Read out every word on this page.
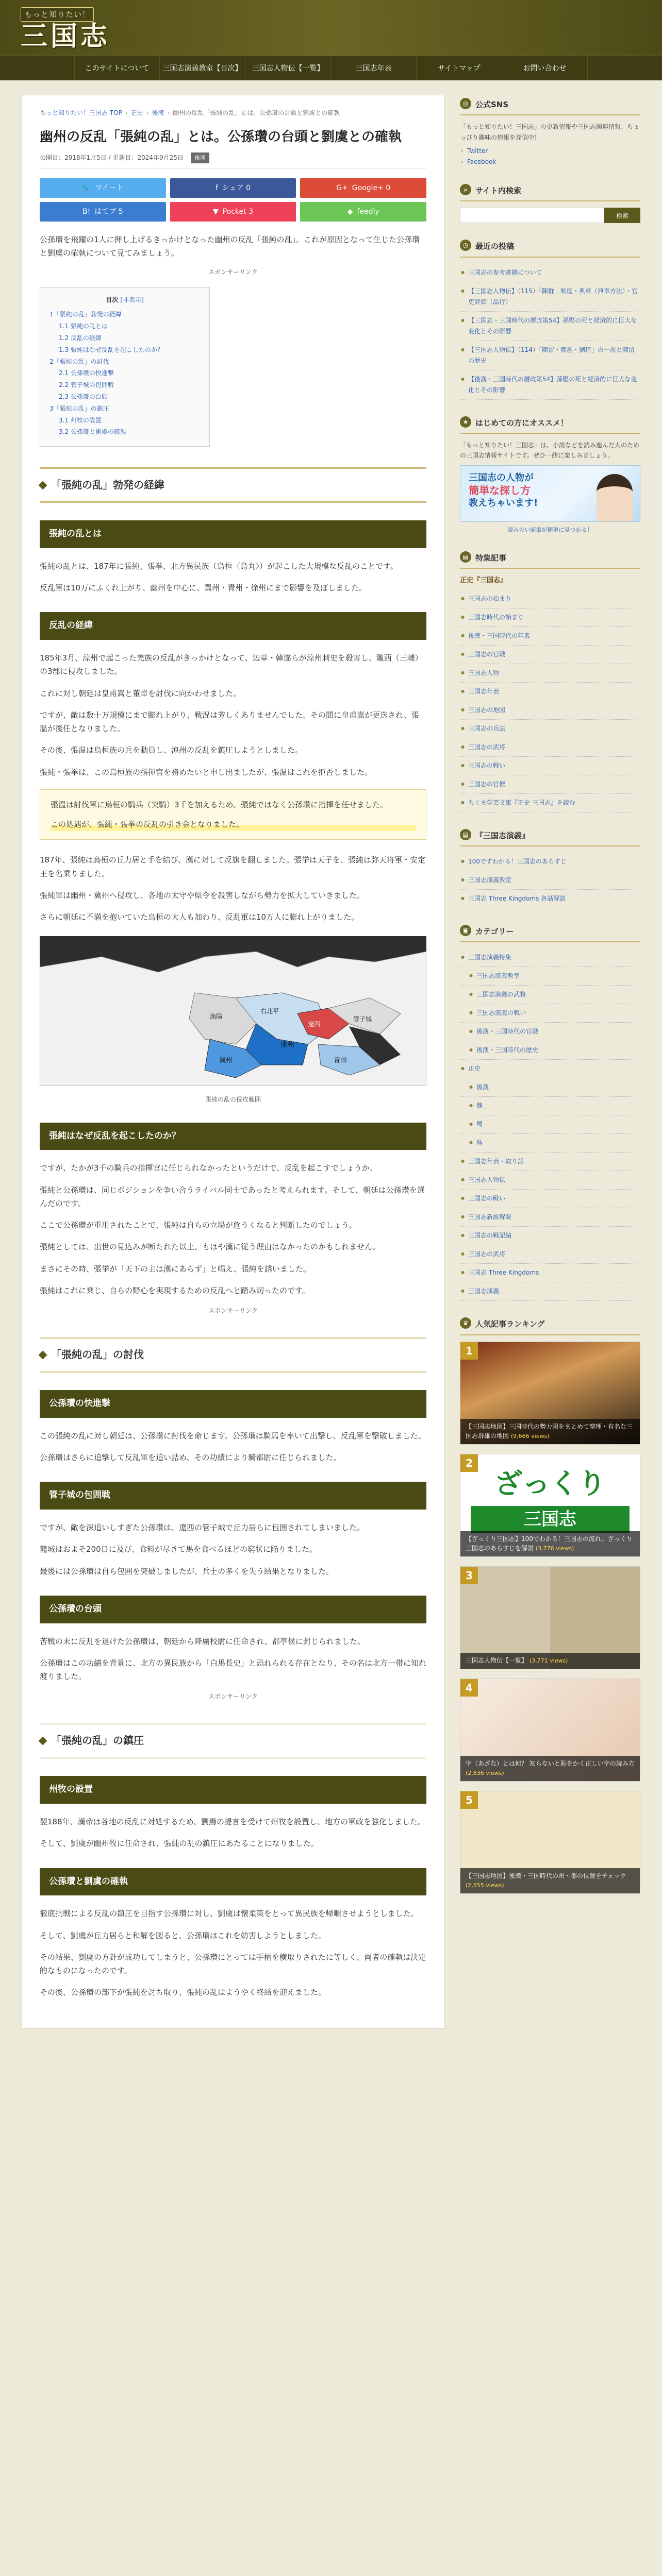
もっと知りたい！
三国志
このサイトについて	三国志演義教室【目次】	三国志人物伝【一覧】	三国志年表	サイトマップ	お問い合わせ
もっと知りたい！三国志 TOP › 正史 › 後漢 › 幽州の反乱「張純の乱」とは。公孫瓚の台頭と劉虞との確執
幽州の反乱「張純の乱」とは。公孫瓚の台頭と劉虞との確執
公開日：2018年1月5日 / 更新日：2024年9月25日	後漢
🐦 ツイート	f シェア 0	G+ Google+ 0
B! はてブ 5	▼ Pocket 3	◆ feedly

公孫瓚を飛躍の1人に押し上げるきっかけとなった幽州の反乱「張純の乱」。これが原因となって生じた公孫瓚と劉虞の確執について見てみましょう。

スポンサーリンク
目次 [非表示]
1「張純の乱」勃発の経緯
1.1 張純の乱とは
1.2 反乱の経緯
1.3 張純はなぜ反乱を起こしたのか？
2「張純の乱」の討伐
2.1 公孫瓚の快進撃
2.2 管子城の包囲戦
2.3 公孫瓚の台頭
3「張純の乱」の鎮圧
3.1 州牧の設置
3.2 公孫瓚と劉虞の確執
「張純の乱」勃発の経緯
張純の乱とは

張純の乱とは、187年に張純、張挙、北方異民族（烏桓〈烏丸〉）が起こした大規模な反乱のことです。

反乱軍は10万にふくれ上がり、幽州を中心に、冀州・青州・徐州にまで影響を及ぼしました。

反乱の経緯

185年3月、涼州で起こった羌族の反乱がきっかけとなって、辺章・韓遂らが涼州刺史を殺害し、隴西（三輔）の3郡に侵攻しました。

これに対し朝廷は皇甫嵩と董卓を討伐に向かわせました。

ですが、敵は数十万規模にまで膨れ上がり、戦況は芳しくありませんでした。その間に皇甫嵩が更迭され、張温が後任となりました。

その後、張温は烏桓族の兵を動員し、涼州の反乱を鎮圧しようとしました。

張純・張挙は、この烏桓族の指揮官を務めたいと申し出ましたが、張温はこれを拒否しました。

張温は討伐軍に烏桓の騎兵（突騎）3千を加えるため、張純ではなく公孫瓚に指揮を任せました。

この処遇が、張純・張挙の反乱の引き金となりました。

187年、張純は烏桓の丘力居と手を結び、漢に対して反旗を翻しました。張挙は天子を、張純は弥天将軍・安定王を名乗りました。

張純軍は幽州・冀州へ侵攻し、各地の太守や県令を殺害しながら勢力を拡大していきました。

さらに朝廷に不満を抱いていた烏桓の大人も加わり、反乱軍は10万人に膨れ上がりました。

幽州
冀州	青州
右北平
遼西
漁陽	管子城
張純の乱の侵攻範囲
張純はなぜ反乱を起こしたのか？

ですが、たかが3千の騎兵の指揮官に任じられなかったというだけで、反乱を起こすでしょうか。

張純と公孫瓚は、同じポジションを争い合うライバル同士であったと考えられます。そして、朝廷は公孫瓚を選んだのです。

ここで公孫瓚が重用されたことで、張純は自らの立場が危うくなると判断したのでしょう。

張純としては、出世の見込みが断たれた以上、もはや漢に従う理由はなかったのかもしれません。

まさにその時、張挙が「天下の主は漢にあらず」と唱え、張純を誘いました。

張純はこれに乗じ、自らの野心を実現するための反乱へと踏み切ったのです。

スポンサーリンク
「張純の乱」の討伐
公孫瓚の快進撃

この張純の乱に対し朝廷は、公孫瓚に討伐を命じます。公孫瓚は騎馬を率いて出撃し、反乱軍を撃破しました。

公孫瓚はさらに追撃して反乱軍を追い詰め、その功績により騎都尉に任じられました。

管子城の包囲戦

ですが、敵を深追いしすぎた公孫瓚は、遼西の管子城で丘力居らに包囲されてしまいました。

籠城はおよそ200日に及び、食料が尽きて馬を食べるほどの窮状に陥りました。

最後には公孫瓚は自ら包囲を突破しましたが、兵士の多くを失う結果となりました。

公孫瓚の台頭

苦戦の末に反乱を退けた公孫瓚は、朝廷から降虜校尉に任命され、都亭侯に封じられました。

公孫瓚はこの功績を背景に、北方の異民族から「白馬長史」と恐れられる存在となり、その名は北方一帯に知れ渡りました。

スポンサーリンク
「張純の乱」の鎮圧
州牧の設置

翌188年、漢帝は各地の反乱に対処するため、劉焉の提言を受けて州牧を設置し、地方の軍政を強化しました。

そして、劉虞が幽州牧に任命され、張純の乱の鎮圧にあたることになりました。

公孫瓚と劉虞の確執

徹底抗戦による反乱の鎮圧を目指す公孫瓚に対し、劉虞は懐柔策をとって異民族を帰順させようとしました。

そして、劉虞が丘力居らと和解を図ると、公孫瓚はこれを妨害しようとしました。

その結果、劉虞の方針が成功してしまうと、公孫瓚にとっては手柄を横取りされたに等しく、両者の確執は決定的なものになったのです。

その後、公孫瓚の部下が張純を討ち取り、張純の乱はようやく終結を迎えました。

◎ 公式SNS

「もっと知りたい！三国志」の更新情報や三国志関連情報、ちょっぴり趣味の情報を発信中！

› Twitter
› Facebook
⌕	サイト内検索
検索
◷ 最近の投稿
● 三国志の参考書籍について
● 【三国志人物伝】（115）「陳群」制度・典章（典章方法）・官吏評価（品行）
● 【三国志・三国時代の暦政策54】孫堅の死と経済的に巨大な変化とその影響
● 【三国志人物伝】（114）「陳留・蔡邕・劉琦」の一族と陳留の歴史
● 【後漢・三国時代の暦政策54】孫堅の死と経済的に巨大な変化とその影響
★ はじめての方にオススメ！

「もっと知りたい！三国志」は、小説などを読み進んだ人のための三国志情報サイトです。ぜひ一緒に楽しみましょう。

三国志の人物が
簡単な探し方
教えちゃいます!
読みたい記事が簡単に見つかる！
▤ 特集記事
正史『三国志』
● 三国志の始まり
● 三国志時代の始まり
● 後漢・三国時代の年表
● 三国志の官職
● 三国志人物
● 三国志年表
● 三国志の地図
● 三国志の兵法
● 三国志の武将
● 三国志の戦い
● 三国志の官僚
● ちくま学芸文庫『正史 三国志』を読む
▤ 『三国志演義』
● 100ですわかる！三国志のあらすじ
● 三国志演義教室
● 三国志 Three Kingdoms 各話解説
▣ カテゴリー
● 三国志演義特集
● 三国志演義教室
● 三国志演義の武将
● 三国志演義の戦い
● 後漢・三国時代の官職
● 後漢・三国時代の歴史
● 正史
● 後漢
● 魏
● 蜀
● 呉
● 三国志年表・取り話
● 三国志人物伝
● 三国志の戦い
● 三国志新説解説
● 三国志の戦記編
● 三国志の武将
● 三国志 Three Kingdoms
● 三国志演義
♛ 人気記事ランキング
1
【三国志地図】三国時代の勢力図をまとめて整理・有名な三国志群雄の地図 (9,666 views)
2
ざっくり
三国志
【ざっくり三国志】100でわかる！三国志の流れ。ざっくり三国志のあらすじを解説 (3,776 views)
3
三国志人物伝【一覧】 (3,771 views)
4
字（あざな）とは何？ 知らないと恥をかく正しい字の読み方 (2,836 views)
5
【三国志地図】後漢・三国時代の州・郡の位置をチェック (2,555 views)
